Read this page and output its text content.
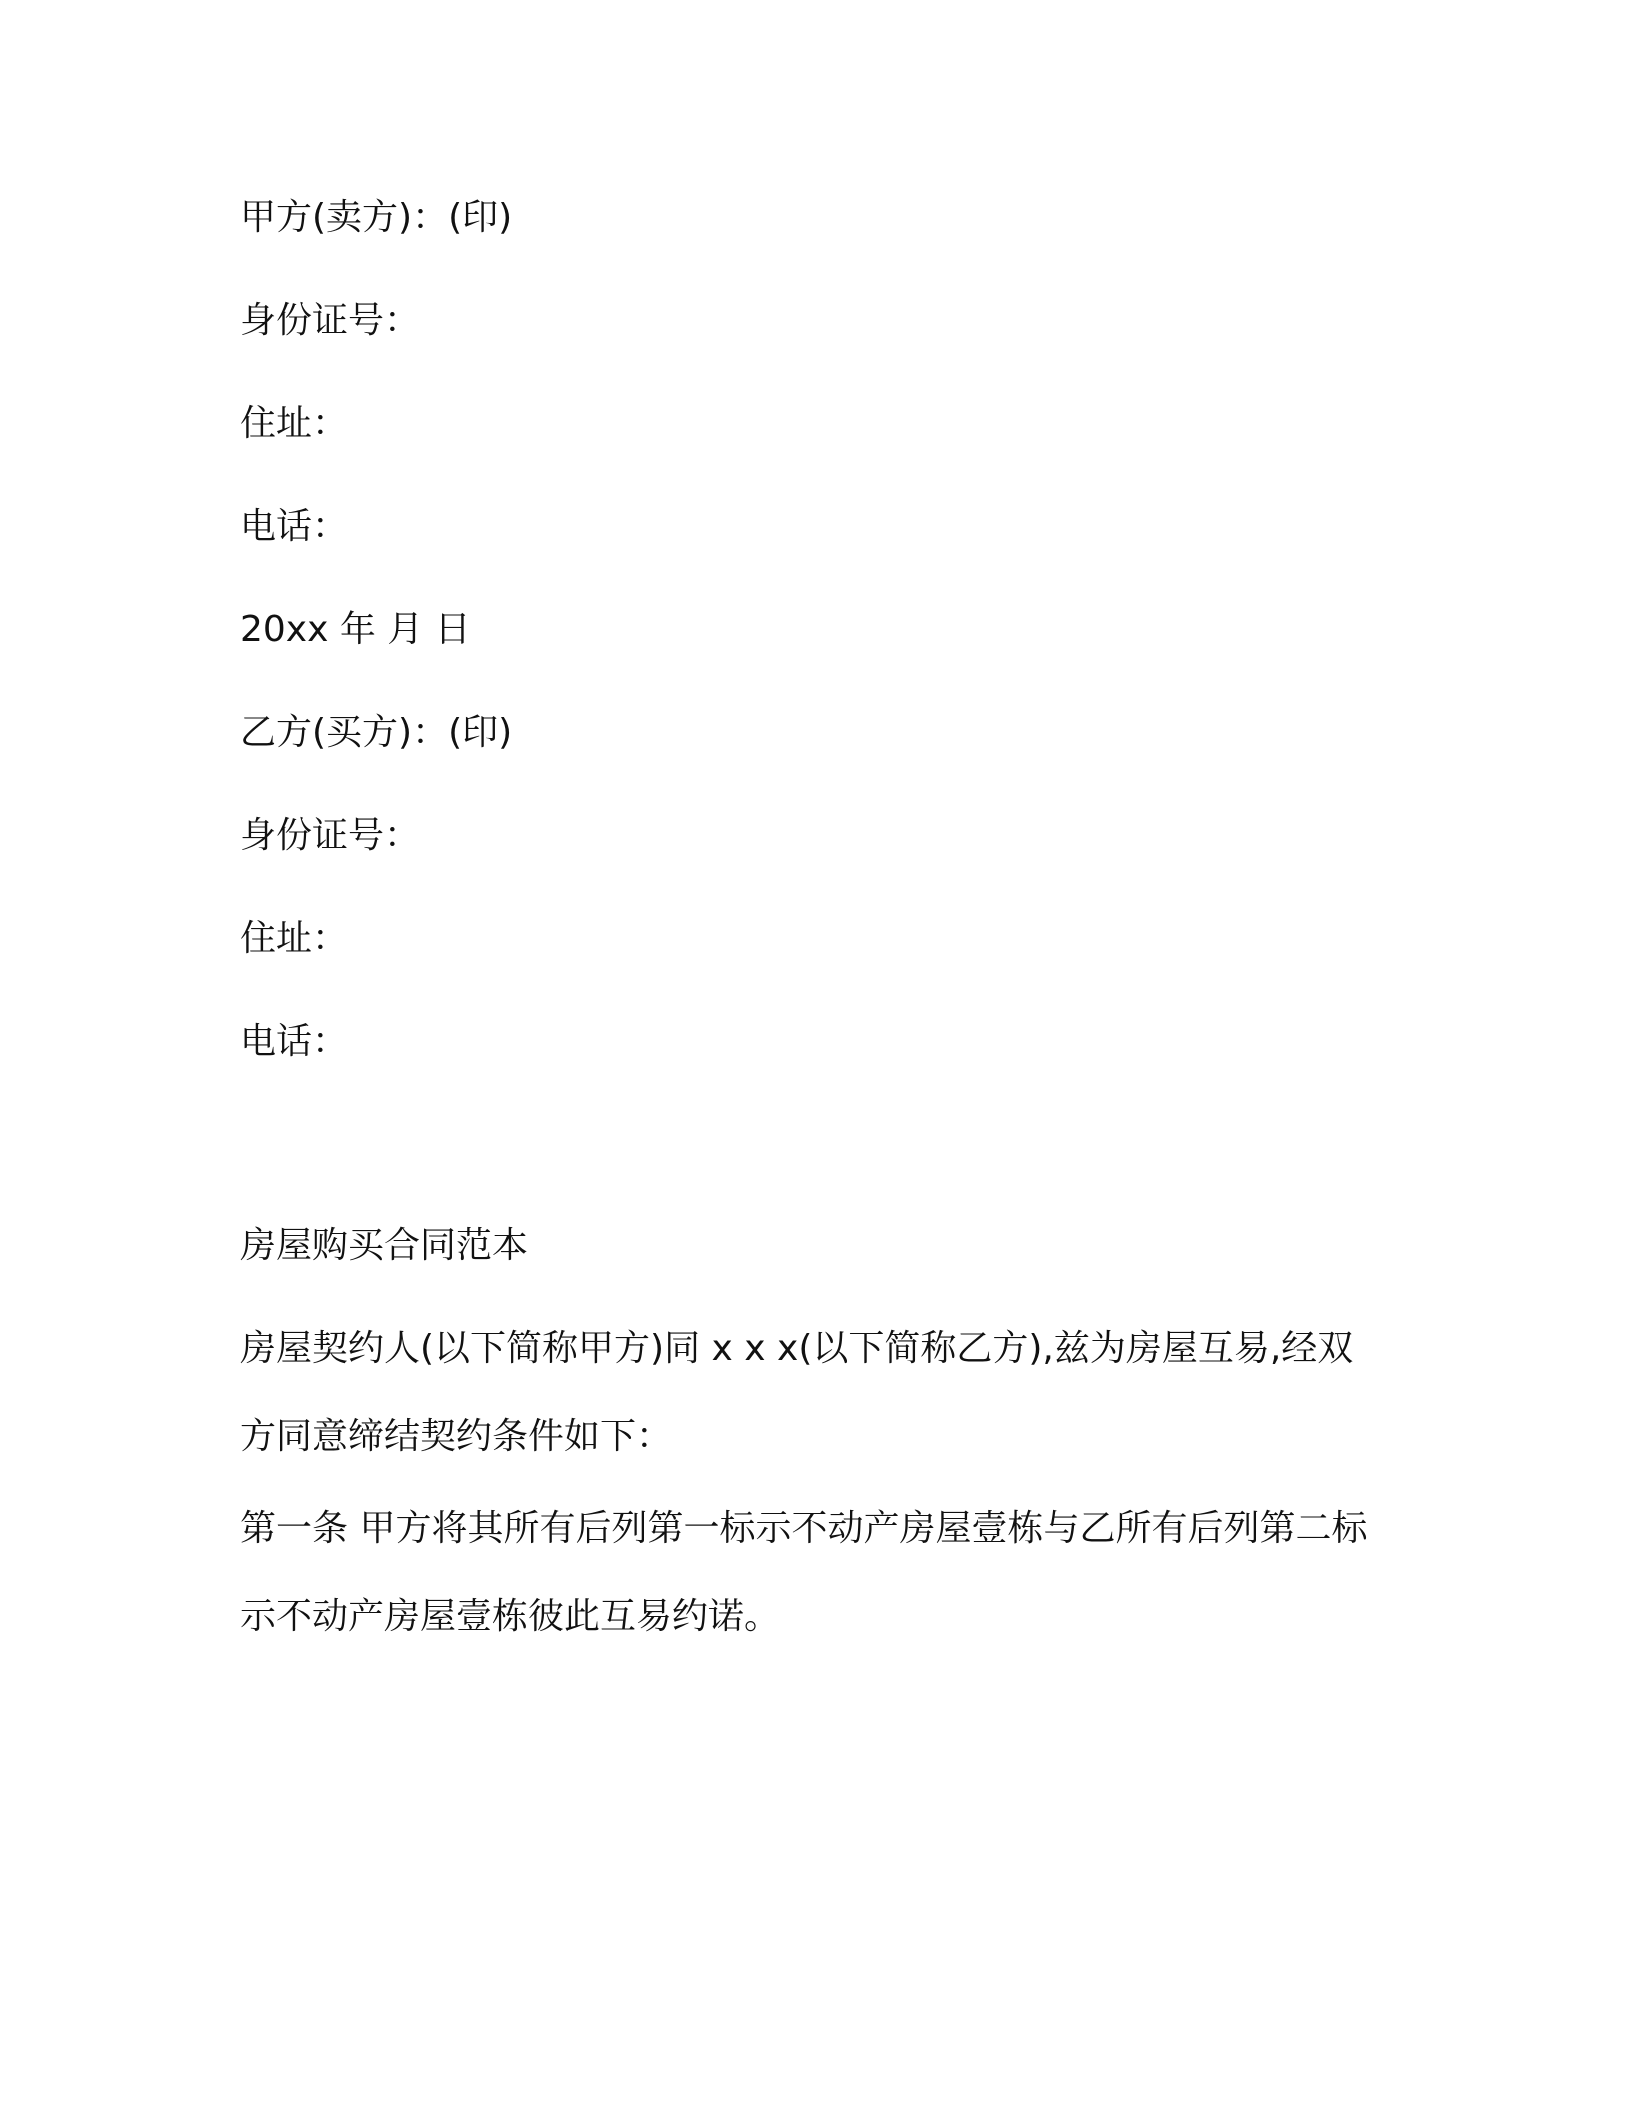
甲方(卖方)：(印)

身份证号：

住址：

电话：

20xx 年 月 日

乙方(买方)：(印)

身份证号：

住址：

电话：

房屋购买合同范本

房屋契约人(以下简称甲方)同 x x x(以下简称乙方),兹为房屋互易,经双方同意缔结契约条件如下：

第一条 甲方将其所有后列第一标示不动产房屋壹栋与乙所有后列第二标示不动产房屋壹栋彼此互易约诺。
